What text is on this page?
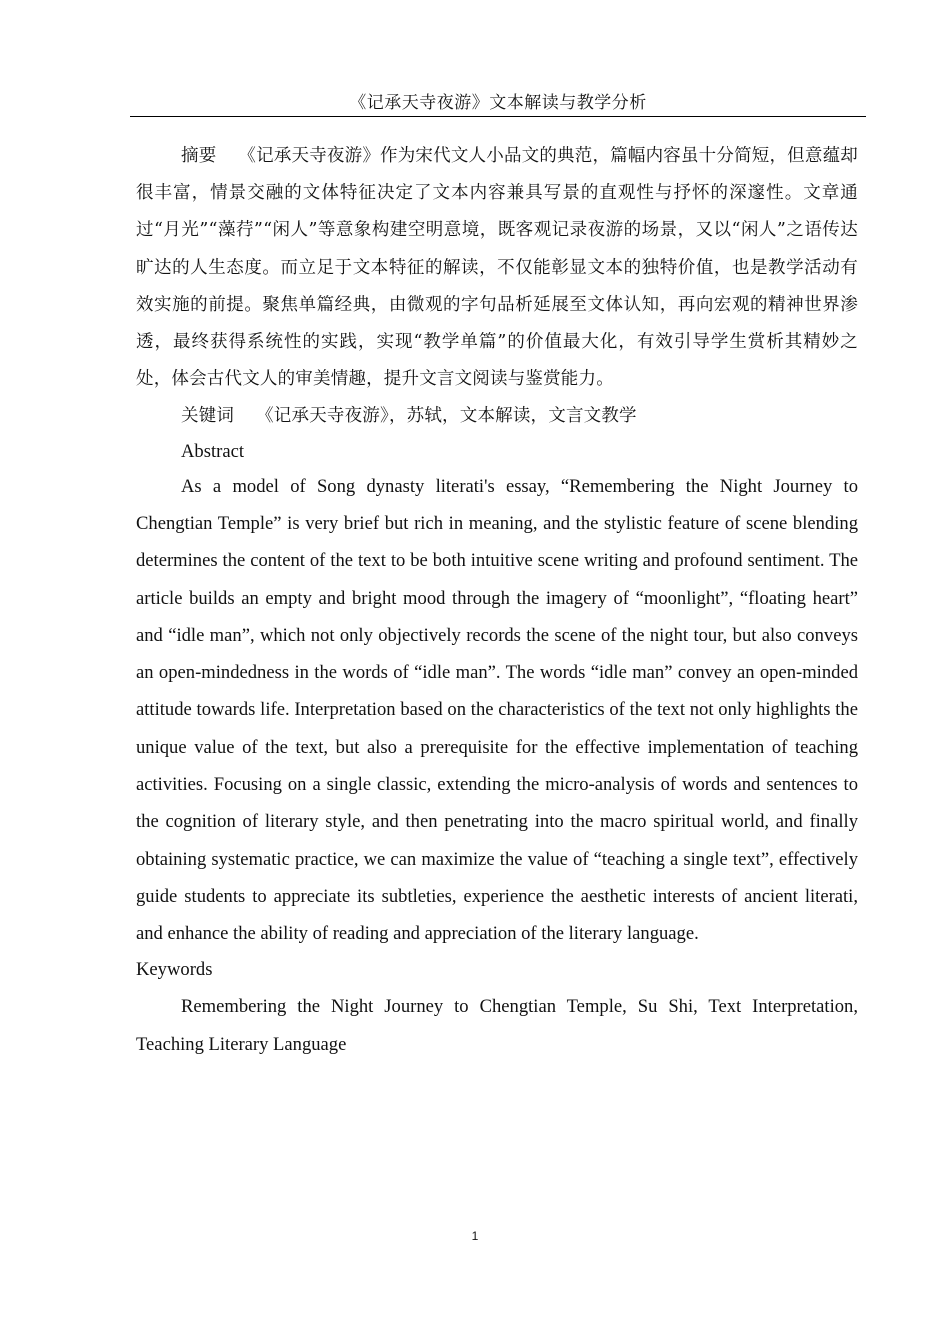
《记承天寺夜游》文本解读与教学分析

摘要 《记承天寺夜游》作为宋代文人小品文的典范，篇幅内容虽十分简短，但意蕴却很丰富，情景交融的文体特征决定了文本内容兼具写景的直观性与抒怀的深邃性。文章通过“月光”“藻荇”“闲人”等意象构建空明意境，既客观记录夜游的场景，又以“闲人”之语传达旷达的人生态度。而立足于文本特征的解读，不仅能彰显文本的独特价值，也是教学活动有效实施的前提。聚焦单篇经典，由微观的字句品析延展至文体认知，再向宏观的精神世界渗透，最终获得系统性的实践，实现“教学单篇”的价值最大化，有效引导学生赏析其精妙之处，体会古代文人的审美情趣，提升文言文阅读与鉴赏能力。

关键词 《记承天寺夜游》，苏轼，文本解读，文言文教学

Abstract

As a model of Song dynasty literati's essay, “Remembering the Night Journey to Chengtian Temple” is very brief but rich in meaning, and the stylistic feature of scene blending determines the content of the text to be both intuitive scene writing and profound sentiment. The article builds an empty and bright mood through the imagery of “moonlight”, “floating heart” and “idle man”, which not only objectively records the scene of the night tour, but also conveys an open-mindedness in the words of “idle man”. The words “idle man” convey an open-minded attitude towards life. Interpretation based on the characteristics of the text not only highlights the unique value of the text, but also a prerequisite for the effective implementation of teaching activities. Focusing on a single classic, extending the micro-analysis of words and sentences to the cognition of literary style, and then penetrating into the macro spiritual world, and finally obtaining systematic practice, we can maximize the value of “teaching a single text”, effectively guide students to appreciate its subtleties, experience the aesthetic interests of ancient literati, and enhance the ability of reading and appreciation of the literary language.

Keywords

Remembering the Night Journey to Chengtian Temple, Su Shi, Text Interpretation, Teaching Literary Language

1
